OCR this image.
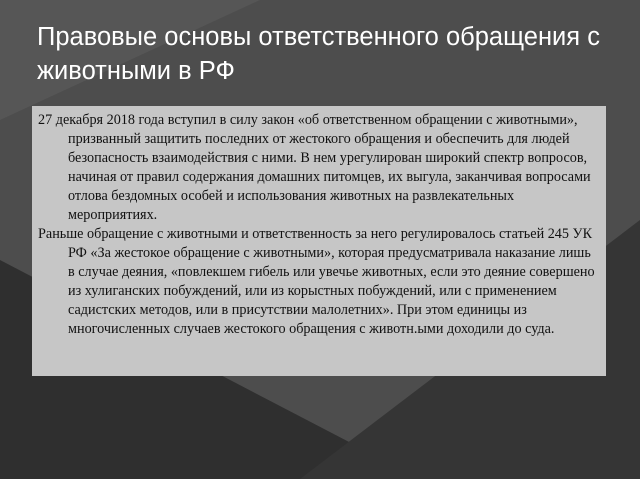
Правовые основы ответственного обращения с животными в РФ

27 декабря 2018 года вступил в силу закон «об ответственном обращении с животными», призванный защитить последних от жестокого обращения и обеспечить для людей безопасность взаимодействия с ними. В нем урегулирован широкий спектр вопросов, начиная от правил содержания домашних питомцев, их выгула, заканчивая вопросами отлова бездомных особей и использования животных на развлекательных мероприятиях.

Раньше обращение с животными и ответственность за него регулировалось статьей 245 УК РФ «За жестокое обращение с животными», которая предусматривала наказание лишь в случае деяния, «повлекшем гибель или увечье животных, если это деяние совершено из хулиганских побуждений, или из корыстных побуждений, или с применением садистских методов, или в присутствии малолетних». При этом единицы из многочисленных случаев жестокого обращения с животн.ыми доходили до суда.
